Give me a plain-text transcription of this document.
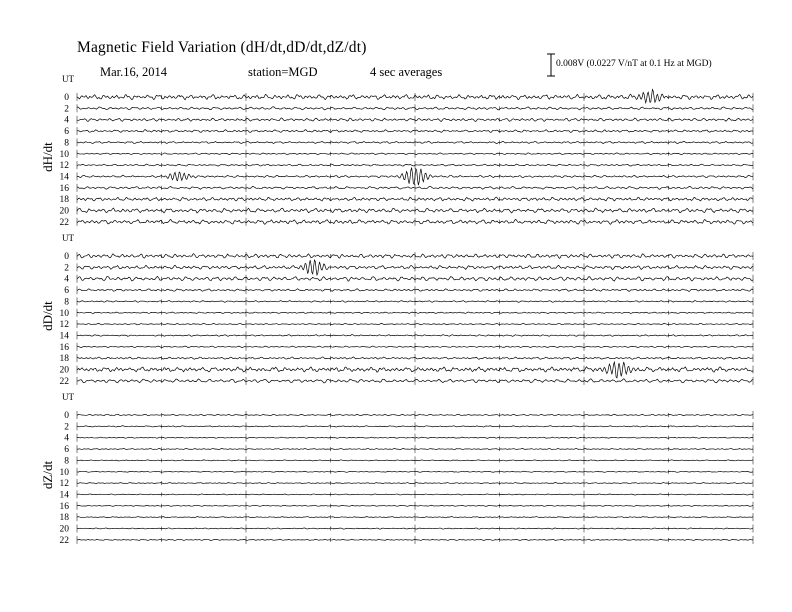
Magnetic Field Variation (dH/dt,dD/dt,dZ/dt)
Mar.16, 2014	station=MGD	4 sec averages
0.008V (0.0227 V/nT at 0.1 Hz at MGD)
UT
dH/dt
0
2
4
6
8
10
12
14
16
18
20
22
UT
dD/dt
0
2
4
6
8
10
12
14
16
18
20
22
UT
dZ/dt
0
2
4
6
8
10
12
14
16
18
20
22
